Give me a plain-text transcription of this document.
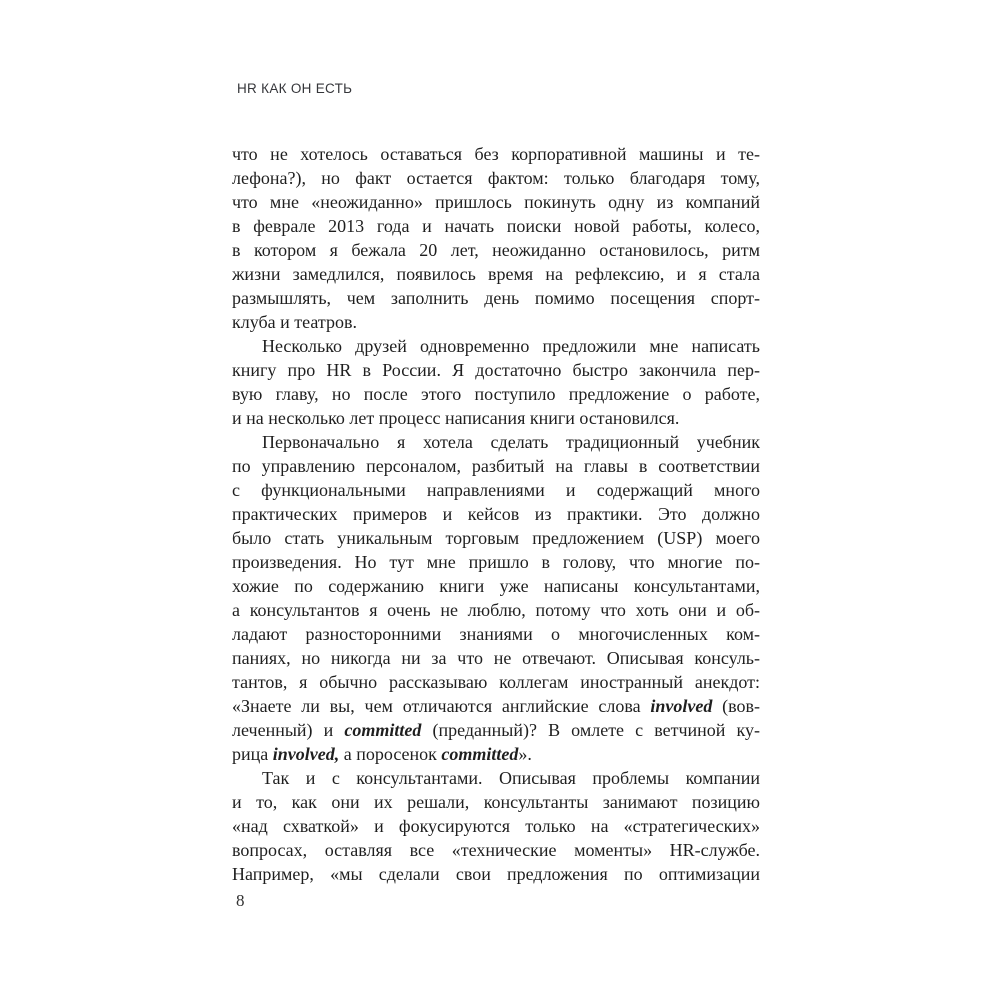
HR КАК ОН ЕСТЬ
что не хотелось оставаться без корпоративной машины и те-
лефона?), но факт остается фактом: только благодаря тому,
что мне «неожиданно» пришлось покинуть одну из компаний
в феврале 2013 года и начать поиски новой работы, колесо,
в котором я бежала 20 лет, неожиданно остановилось, ритм
жизни замедлился, появилось время на рефлексию, и я стала
размышлять, чем заполнить день помимо посещения спорт-
клуба и театров.
Несколько друзей одновременно предложили мне написать
книгу про HR в России. Я достаточно быстро закончила пер-
вую главу, но после этого поступило предложение о работе,
и на несколько лет процесс написания книги остановился.
Первоначально я хотела сделать традиционный учебник
по управлению персоналом, разбитый на главы в соответствии
с функциональными направлениями и содержащий много
практических примеров и кейсов из практики. Это должно
было стать уникальным торговым предложением (USP) моего
произведения. Но тут мне пришло в голову, что многие по-
хожие по содержанию книги уже написаны консультантами,
а консультантов я очень не люблю, потому что хоть они и об-
ладают разносторонними знаниями о многочисленных ком-
паниях, но никогда ни за что не отвечают. Описывая консуль-
тантов, я обычно рассказываю коллегам иностранный анекдот:
«Знаете ли вы, чем отличаются английские слова involved (вов-
леченный) и committed (преданный)? В омлете с ветчиной ку-
рица involved, а поросенок committed».
Так и с консультантами. Описывая проблемы компании
и то, как они их решали, консультанты занимают позицию
«над схваткой» и фокусируются только на «стратегических»
вопросах, оставляя все «технические моменты» HR-службе.
Например, «мы сделали свои предложения по оптимизации
8
